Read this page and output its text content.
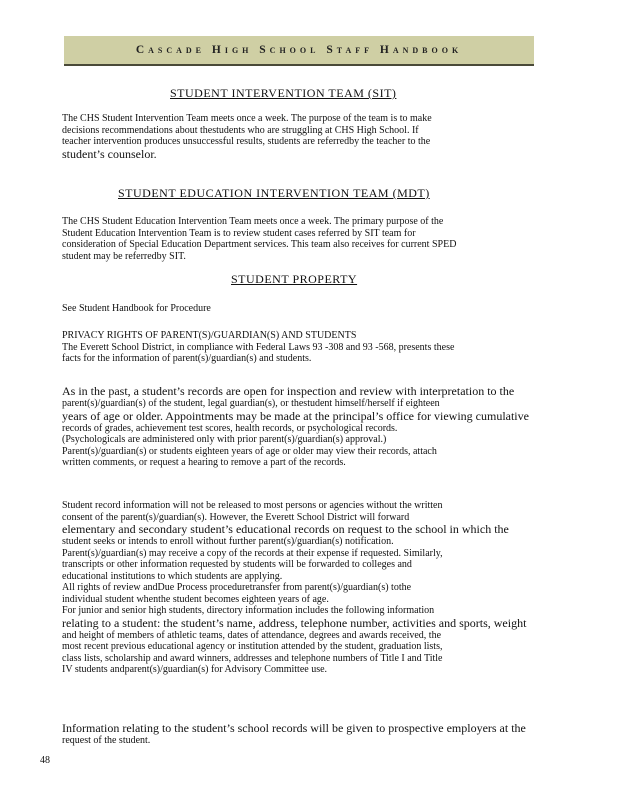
Cascade High School Staff Handbook
STUDENT INTERVENTION TEAM (SIT)
The CHS Student Intervention Team meets once a week. The purpose of the team is to make
decisions recommendations about thestudents who are struggling at CHS High School. If
teacher intervention produces unsuccessful results, students are referredby the teacher to the
student’s counselor.
STUDENT EDUCATION INTERVENTION TEAM (MDT)
The CHS Student Education Intervention Team meets once a week. The primary purpose of the
Student Education Intervention Team is to review student cases referred by SIT team for
consideration of Special Education Department services. This team also receives for current SPED
student may be referredby SIT.
STUDENT PROPERTY
See Student Handbook for Procedure
PRIVACY RIGHTS OF PARENT(S)/GUARDIAN(S) AND STUDENTS
The Everett School District, in compliance with Federal Laws 93 -308 and 93 -568, presents these
facts for the information of parent(s)/guardian(s) and students.
As in the past, a student’s records are open for inspection and review with interpretation to the
parent(s)/guardian(s) of the student, legal guardian(s), or thestudent himself/herself if eighteen
years of age or older. Appointments may be made at the principal’s office for viewing cumulative
records of grades, achievement test scores, health records, or psychological records.
(Psychologicals are administered only with prior parent(s)/guardian(s) approval.)
Parent(s)/guardian(s) or students eighteen years of age or older may view their records, attach
written comments, or request a hearing to remove a part of the records.
Student record information will not be released to most persons or agencies without the written
consent of the parent(s)/guardian(s). However, the Everett School District will forward
elementary and secondary student’s educational records on request to the school in which the
student seeks or intends to enroll without further parent(s)/guardian(s) notification.
Parent(s)/guardian(s) may receive a copy of the records at their expense if requested. Similarly,
transcripts or other information requested by students will be forwarded to colleges and
educational institutions to which students are applying.
All rights of review andDue Process proceduretransfer from parent(s)/guardian(s) tothe
individual student whenthe student becomes eighteen years of age.
For junior and senior high students, directory information includes the following information
relating to a student: the student’s name, address, telephone number, activities and sports, weight
and height of members of athletic teams, dates of attendance, degrees and awards received, the
most recent previous educational agency or institution attended by the student, graduation lists,
class lists, scholarship and award winners, addresses and telephone numbers of Title I and Title
IV students andparent(s)/guardian(s) for Advisory Committee use.
Information relating to the student’s school records will be given to prospective employers at the
request of the student.
48
